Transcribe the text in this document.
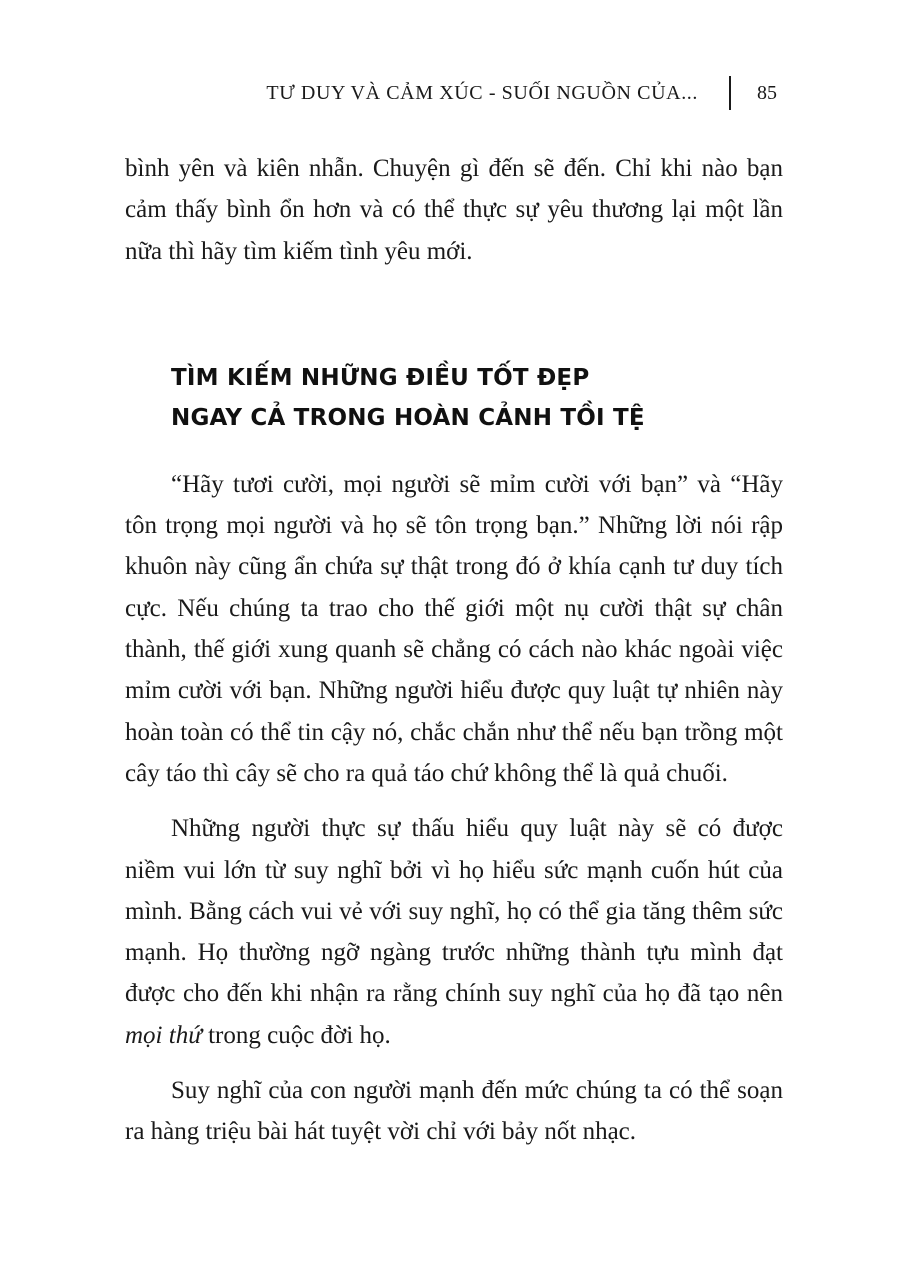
TƯ DUY VÀ CẢM XÚC - SUỐI NGUỒN CỦA...	85

bình yên và kiên nhẫn. Chuyện gì đến sẽ đến. Chỉ khi nào bạn cảm thấy bình ổn hơn và có thể thực sự yêu thương lại một lần nữa thì hãy tìm kiếm tình yêu mới.

TÌM KIẾM NHỮNG ĐIỀU TỐT ĐẸP
NGAY CẢ TRONG HOÀN CẢNH TỒI TỆ

“Hãy tươi cười, mọi người sẽ mỉm cười với bạn” và “Hãy tôn trọng mọi người và họ sẽ tôn trọng bạn.” Những lời nói rập khuôn này cũng ẩn chứa sự thật trong đó ở khía cạnh tư duy tích cực. Nếu chúng ta trao cho thế giới một nụ cười thật sự chân thành, thế giới xung quanh sẽ chẳng có cách nào khác ngoài việc mỉm cười với bạn. Những người hiểu được quy luật tự nhiên này hoàn toàn có thể tin cậy nó, chắc chắn như thể nếu bạn trồng một cây táo thì cây sẽ cho ra quả táo chứ không thể là quả chuối.

Những người thực sự thấu hiểu quy luật này sẽ có được niềm vui lớn từ suy nghĩ bởi vì họ hiểu sức mạnh cuốn hút của mình. Bằng cách vui vẻ với suy nghĩ, họ có thể gia tăng thêm sức mạnh. Họ thường ngỡ ngàng trước những thành tựu mình đạt được cho đến khi nhận ra rằng chính suy nghĩ của họ đã tạo nên mọi thứ trong cuộc đời họ.

Suy nghĩ của con người mạnh đến mức chúng ta có thể soạn ra hàng triệu bài hát tuyệt vời chỉ với bảy nốt nhạc.
